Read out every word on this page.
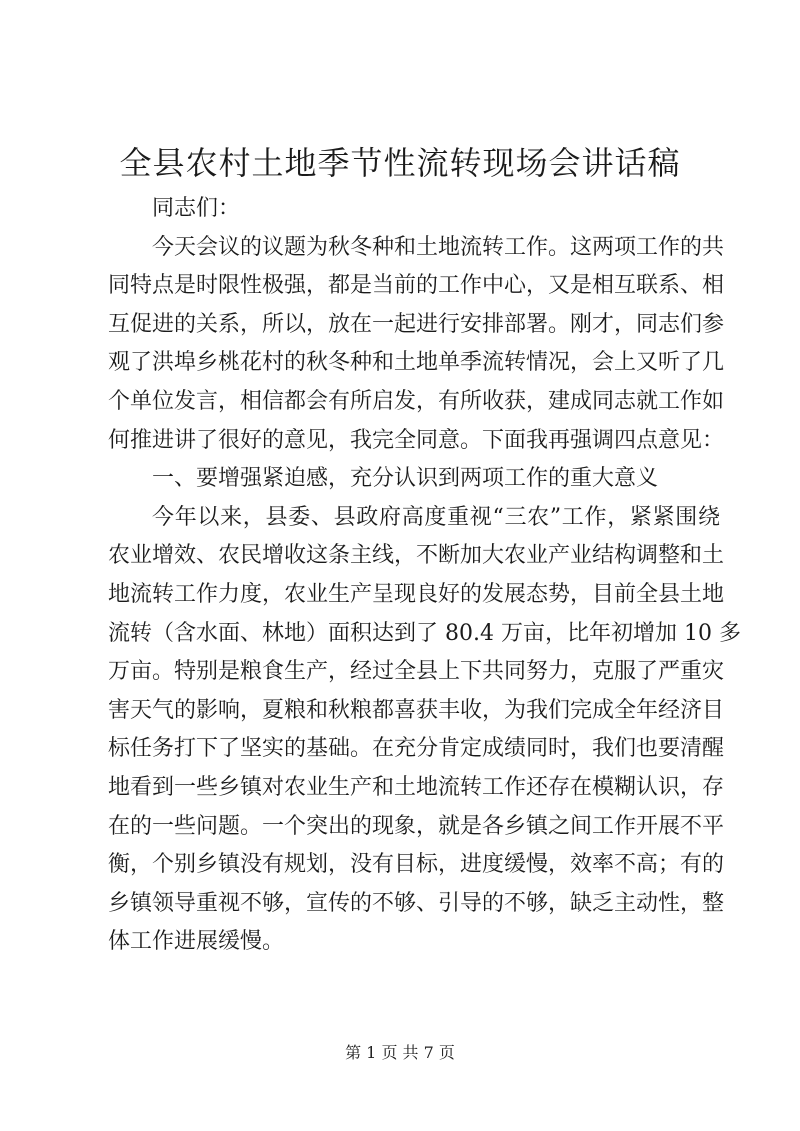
全县农村土地季节性流转现场会讲话稿
同志们：
今天会议的议题为秋冬种和土地流转工作。这两项工作的共
同特点是时限性极强，都是当前的工作中心，又是相互联系、相
互促进的关系，所以，放在一起进行安排部署。刚才，同志们参
观了洪埠乡桃花村的秋冬种和土地单季流转情况，会上又听了几
个单位发言，相信都会有所启发，有所收获，建成同志就工作如
何推进讲了很好的意见，我完全同意。下面我再强调四点意见：
一、要增强紧迫感，充分认识到两项工作的重大意义
今年以来，县委、县政府高度重视“三农”工作，紧紧围绕
农业增效、农民增收这条主线，不断加大农业产业结构调整和土
地流转工作力度，农业生产呈现良好的发展态势，目前全县土地
流转（含水面、林地）面积达到了 80.4 万亩，比年初增加 10 多
万亩。特别是粮食生产，经过全县上下共同努力，克服了严重灾
害天气的影响，夏粮和秋粮都喜获丰收，为我们完成全年经济目
标任务打下了坚实的基础。在充分肯定成绩同时，我们也要清醒
地看到一些乡镇对农业生产和土地流转工作还存在模糊认识，存
在的一些问题。一个突出的现象，就是各乡镇之间工作开展不平
衡，个别乡镇没有规划，没有目标，进度缓慢，效率不高；有的
乡镇领导重视不够，宣传的不够、引导的不够，缺乏主动性，整
体工作进展缓慢。
第 1 页 共 7 页
